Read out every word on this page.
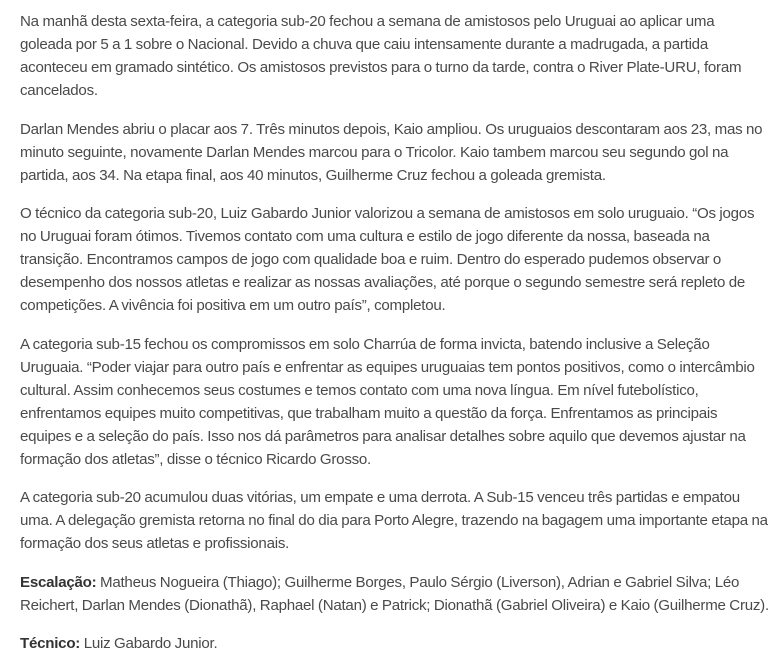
Na manhã desta sexta-feira, a categoria sub-20 fechou a semana de amistosos pelo Uruguai ao aplicar uma goleada por 5 a 1 sobre o Nacional. Devido a chuva que caiu intensamente durante a madrugada, a partida aconteceu em gramado sintético. Os amistosos previstos para o turno da tarde, contra o River Plate-URU, foram cancelados.

Darlan Mendes abriu o placar aos 7. Três minutos depois, Kaio ampliou. Os uruguaios descontaram aos 23, mas no minuto seguinte, novamente Darlan Mendes marcou para o Tricolor. Kaio tambem marcou seu segundo gol na partida, aos 34. Na etapa final, aos 40 minutos, Guilherme Cruz fechou a goleada gremista.

O técnico da categoria sub-20, Luiz Gabardo Junior valorizou a semana de amistosos em solo uruguaio. “Os jogos no Uruguai foram ótimos. Tivemos contato com uma cultura e estilo de jogo diferente da nossa, baseada na transição. Encontramos campos de jogo com qualidade boa e ruim. Dentro do esperado pudemos observar o desempenho dos nossos atletas e realizar as nossas avaliações, até porque o segundo semestre será repleto de competições. A vivência foi positiva em um outro país”, completou.

A categoria sub-15 fechou os compromissos em solo Charrúa de forma invicta, batendo inclusive a Seleção Uruguaia. “Poder viajar para outro país e enfrentar as equipes uruguaias tem pontos positivos, como o intercâmbio cultural. Assim conhecemos seus costumes e temos contato com uma nova língua. Em nível futebolístico, enfrentamos equipes muito competitivas, que trabalham muito a questão da força. Enfrentamos as principais equipes e a seleção do país. Isso nos dá parâmetros para analisar detalhes sobre aquilo que devemos ajustar na formação dos atletas”, disse o técnico Ricardo Grosso.

A categoria sub-20 acumulou duas vitórias, um empate e uma derrota. A Sub-15 venceu três partidas e empatou uma. A delegação gremista retorna no final do dia para Porto Alegre, trazendo na bagagem uma importante etapa na formação dos seus atletas e profissionais.

Escalação: Matheus Nogueira (Thiago); Guilherme Borges, Paulo Sérgio (Liverson), Adrian e Gabriel Silva; Léo Reichert, Darlan Mendes (Dionathã), Raphael (Natan) e Patrick; Dionathã (Gabriel Oliveira) e Kaio (Guilherme Cruz).

Técnico: Luiz Gabardo Junior.
